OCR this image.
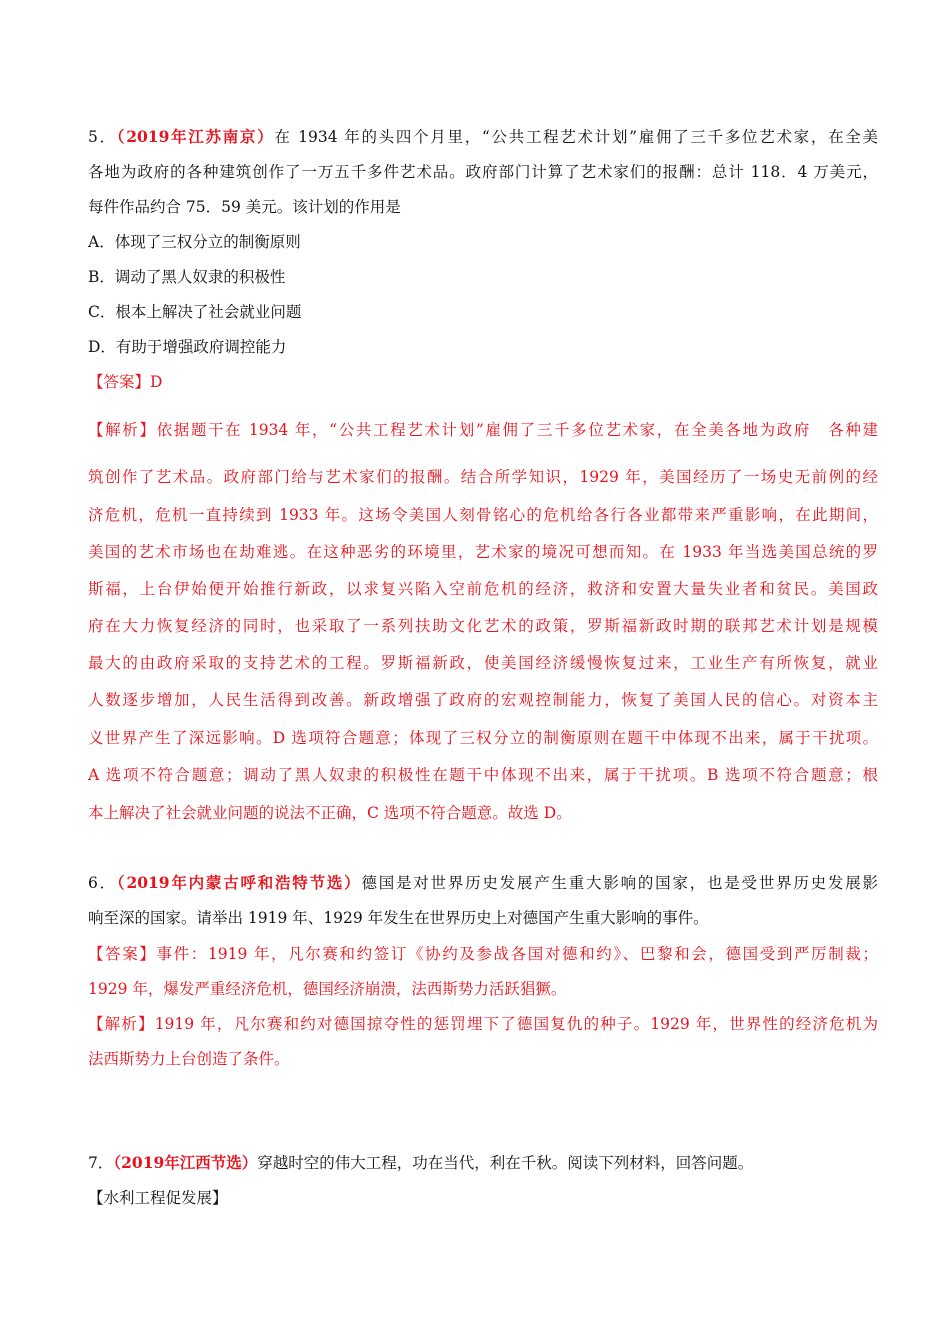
5．（2019年江苏南京）在 1934 年的头四个月里，“公共工程艺术计划”雇佣了三千多位艺术家，在全美
各地为政府的各种建筑创作了一万五千多件艺术品。政府部门计算了艺术家们的报酬：总计 118．4 万美元，
每件作品约合 75．59 美元。该计划的作用是
A．体现了三权分立的制衡原则
B．调动了黑人奴隶的积极性
C．根本上解决了社会就业问题
D．有助于增强政府调控能力
【答案】D
【解析】依据题干在 1934 年，“公共工程艺术计划”雇佣了三千多位艺术家，在全美各地为政府　各种建
筑创作了艺术品。政府部门给与艺术家们的报酬。结合所学知识，1929 年，美国经历了一场史无前例的经
济危机，危机一直持续到 1933 年。这场令美国人刻骨铭心的危机给各行各业都带来严重影响，在此期间，
美国的艺术市场也在劫难逃。在这种恶劣的环境里，艺术家的境况可想而知。在 1933 年当选美国总统的罗
斯福，上台伊始便开始推行新政，以求复兴陷入空前危机的经济，救济和安置大量失业者和贫民。美国政
府在大力恢复经济的同时，也采取了一系列扶助文化艺术的政策，罗斯福新政时期的联邦艺术计划是规模
最大的由政府采取的支持艺术的工程。罗斯福新政，使美国经济缓慢恢复过来，工业生产有所恢复，就业
人数逐步增加，人民生活得到改善。新政增强了政府的宏观控制能力，恢复了美国人民的信心。对资本主
义世界产生了深远影响。D 选项符合题意；体现了三权分立的制衡原则在题干中体现不出来，属于干扰项。
A 选项不符合题意；调动了黑人奴隶的积极性在题干中体现不出来，属于干扰项。B 选项不符合题意；根
本上解决了社会就业问题的说法不正确，C 选项不符合题意。故选 D。
6．（2019年内蒙古呼和浩特节选）德国是对世界历史发展产生重大影响的国家，也是受世界历史发展影
响至深的国家。请举出 1919 年、1929 年发生在世界历史上对德国产生重大影响的事件。
【答案】事件：1919 年，凡尔赛和约签订《协约及参战各国对德和约》、巴黎和会，德国受到严厉制裁；
1929 年，爆发严重经济危机，德国经济崩溃，法西斯势力活跃猖獗。
【解析】1919 年，凡尔赛和约对德国掠夺性的惩罚埋下了德国复仇的种子。1929 年，世界性的经济危机为
法西斯势力上台创造了条件。
7．（2019年江西节选）穿越时空的伟大工程，功在当代，利在千秋。阅读下列材料，回答问题。
【水利工程促发展】
